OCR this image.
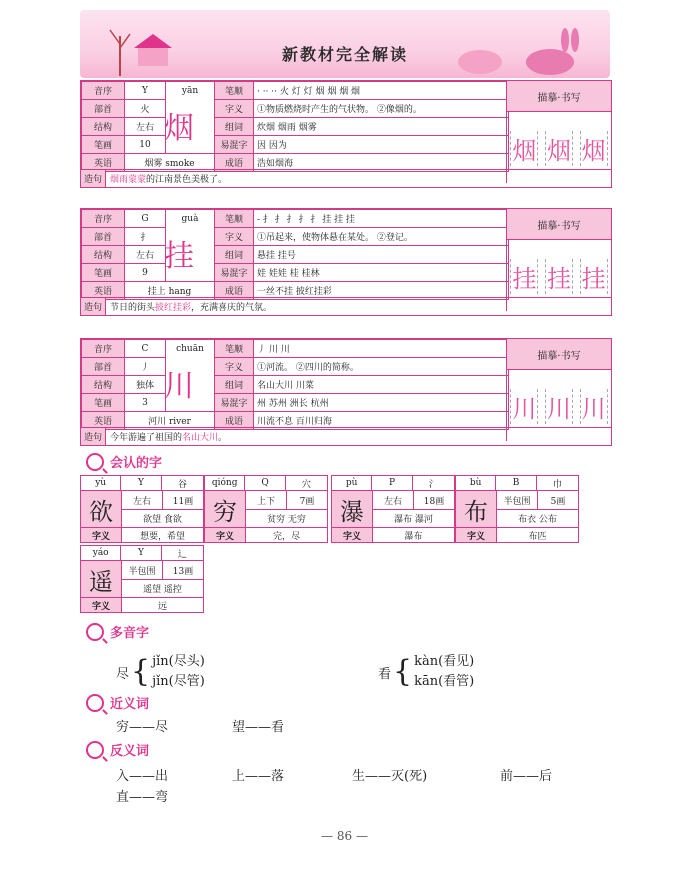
新教材完全解读
音序	Y	yān	笔顺	· ·· ·· 火 灯 灯 烟 烟 烟 烟
部首	火		字义	①物质燃烧时产生的气状物。 ②像烟的。
结构	左右		组词	炊烟 烟雨 烟雾
笔画	10		易混字	因 因为
英语	烟雾 smoke		成语	浩如烟海
烟
描摹·书写
烟 烟 烟
造句 烟雨蒙蒙 的江南景色美极了。
音序	G	guà	笔顺	- 扌 扌 扌 扌 扌 挂 挂 挂
部首	扌		字义	①吊起来，使物体悬在某处。 ②登记。
结构	左右		组词	悬挂 挂号
笔画	9		易混字	娃 娃娃 桂 桂林
英语	挂上 hang		成语	一丝不挂 披红挂彩
挂
描摹·书写
挂 挂 挂
造句 节日的街头 披红挂彩 ，充满喜庆的气氛。
音序	C	chuān	笔顺	丿 川 川
部首	丿		字义	①河流。 ②四川的简称。
结构	独体		组词	名山大川 川菜
笔画	3		易混字	州 苏州 洲长 杭州
英语	河川 river		成语	川流不息 百川归海
川
描摹·书写
川 川 川
造句 今年游遍了祖国的 名山大川 。
会认的字
yù	Y	谷
欲	左右	11画
欲望 食欲
字义	想要，希望
qióng	Q	穴
穷	上下	7画
贫穷 无穷
字义	完，尽
pù	P	氵
瀑	左右	18画
瀑布 瀑河
字义	瀑布
bù	B	巾
布	半包围	5画
布衣 公布
字义	布匹
yáo	Y	辶
遥	半包围	13画
遥望 遥控
字义	远
多音字
尽 { jǐn(尽头)
jǐn(尽管)	看 { kàn(看见)
kān(看管)
近义词
穷——尽	望——看
反义词
入——出	上——落	生——灭(死)	前——后
直——弯
— 86 —
